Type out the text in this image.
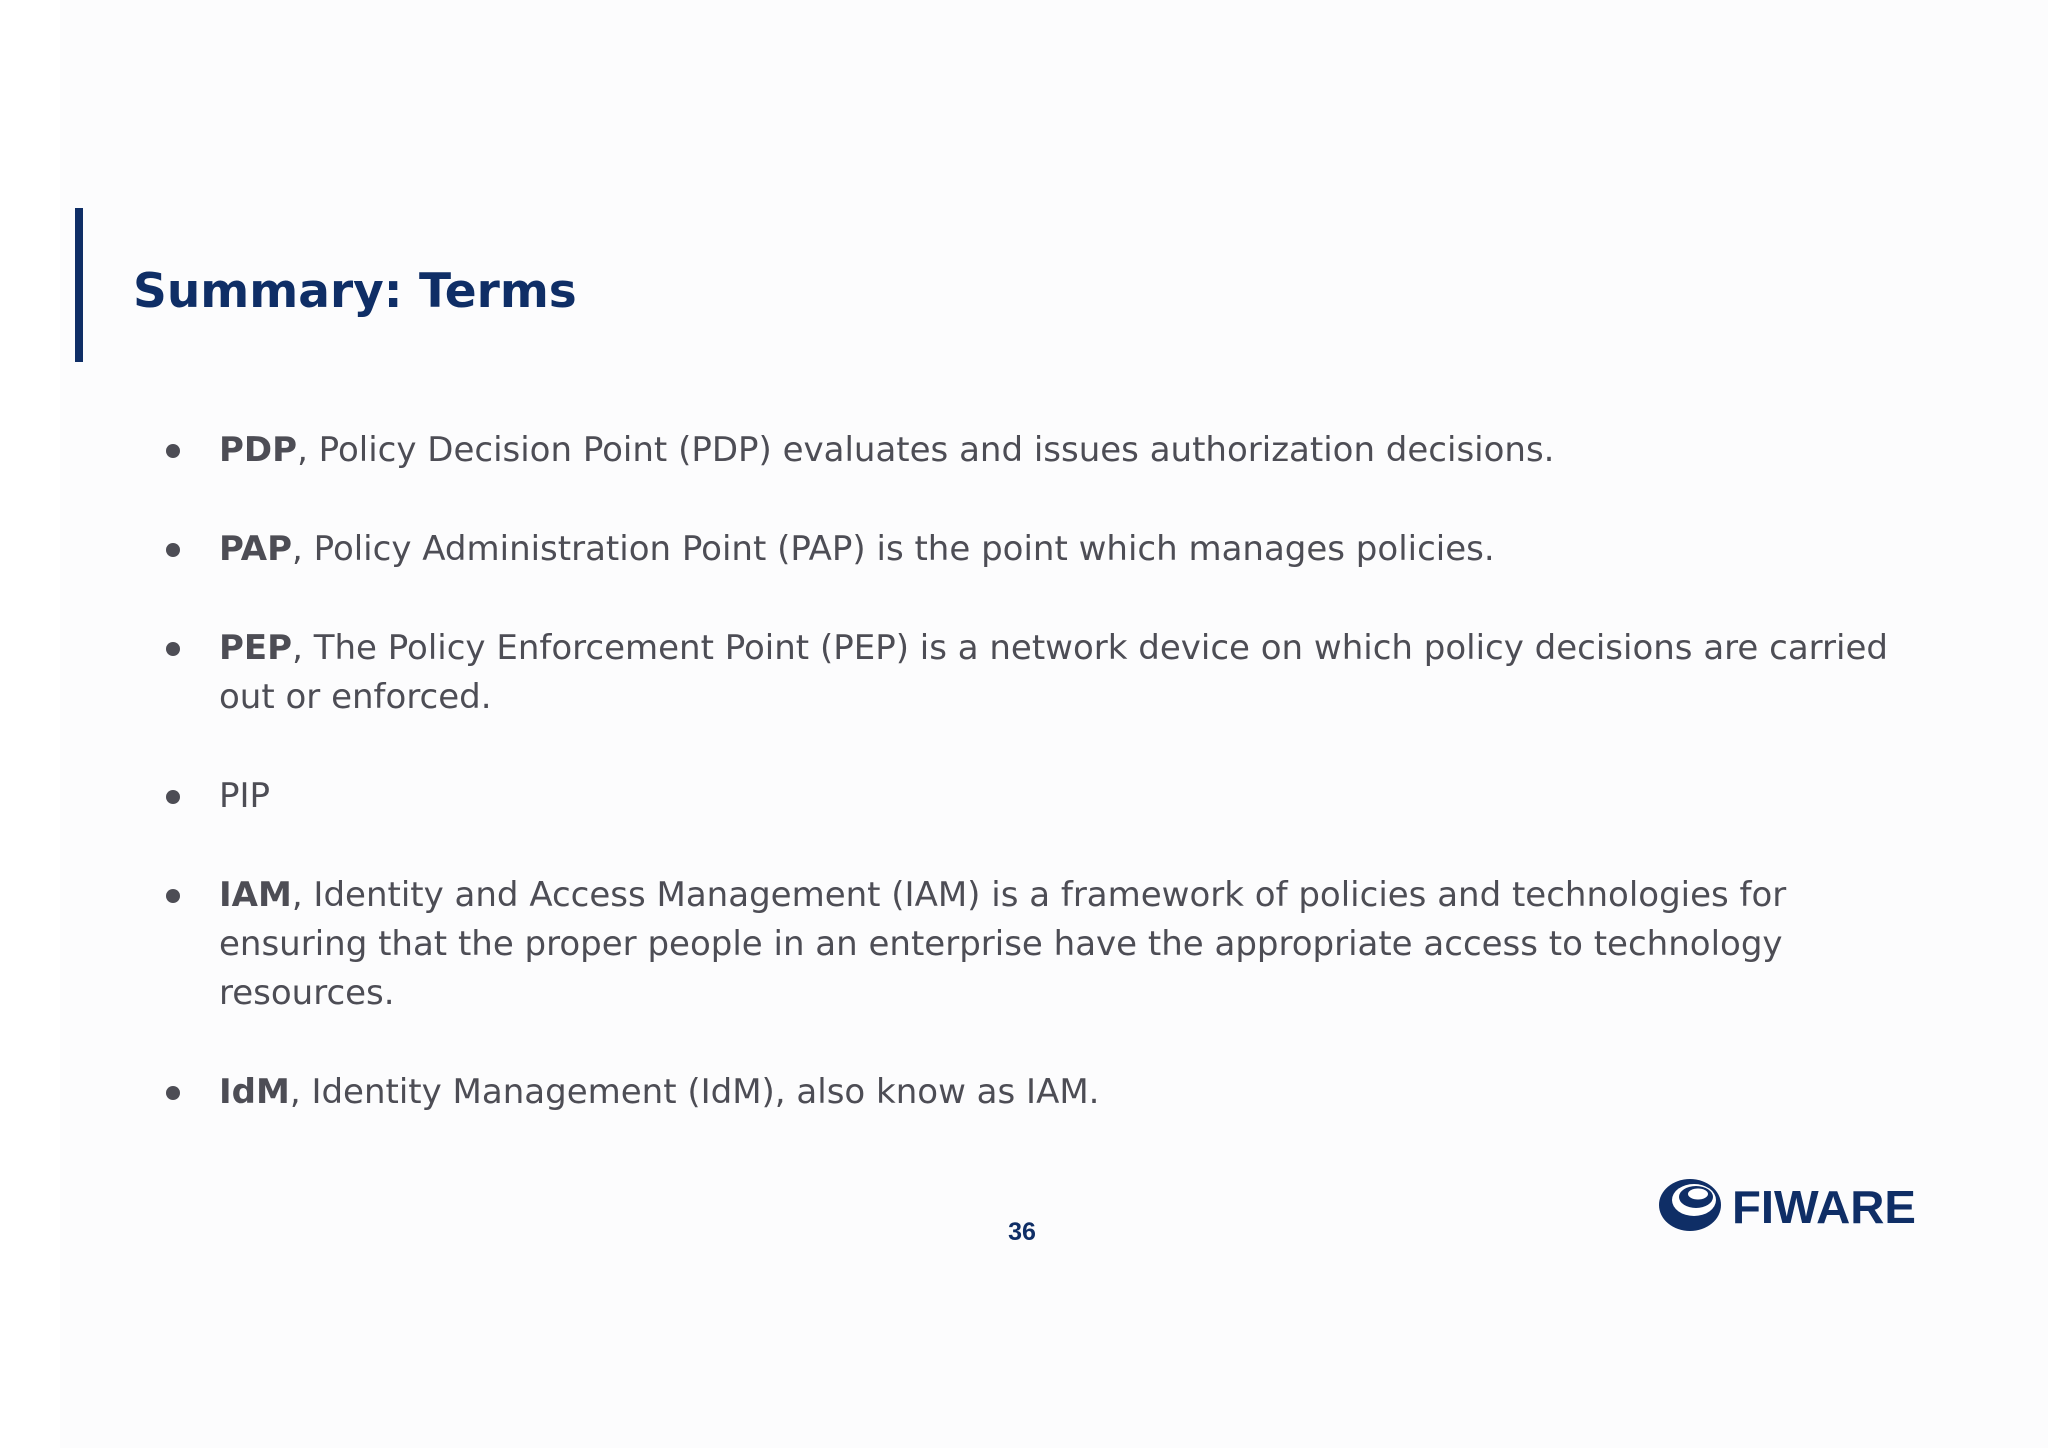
Summary: Terms
PDP, Policy Decision Point (PDP) evaluates and issues authorization decisions.
PAP, Policy Administration Point (PAP) is the point which manages policies.
PEP, The Policy Enforcement Point (PEP) is a network device on which policy decisions are carried out or enforced.
PIP
IAM, Identity and Access Management (IAM) is a framework of policies and technologies for ensuring that the proper people in an enterprise have the appropriate access to technology resources.
IdM, Identity Management (IdM), also know as IAM.
36	FIWARE
